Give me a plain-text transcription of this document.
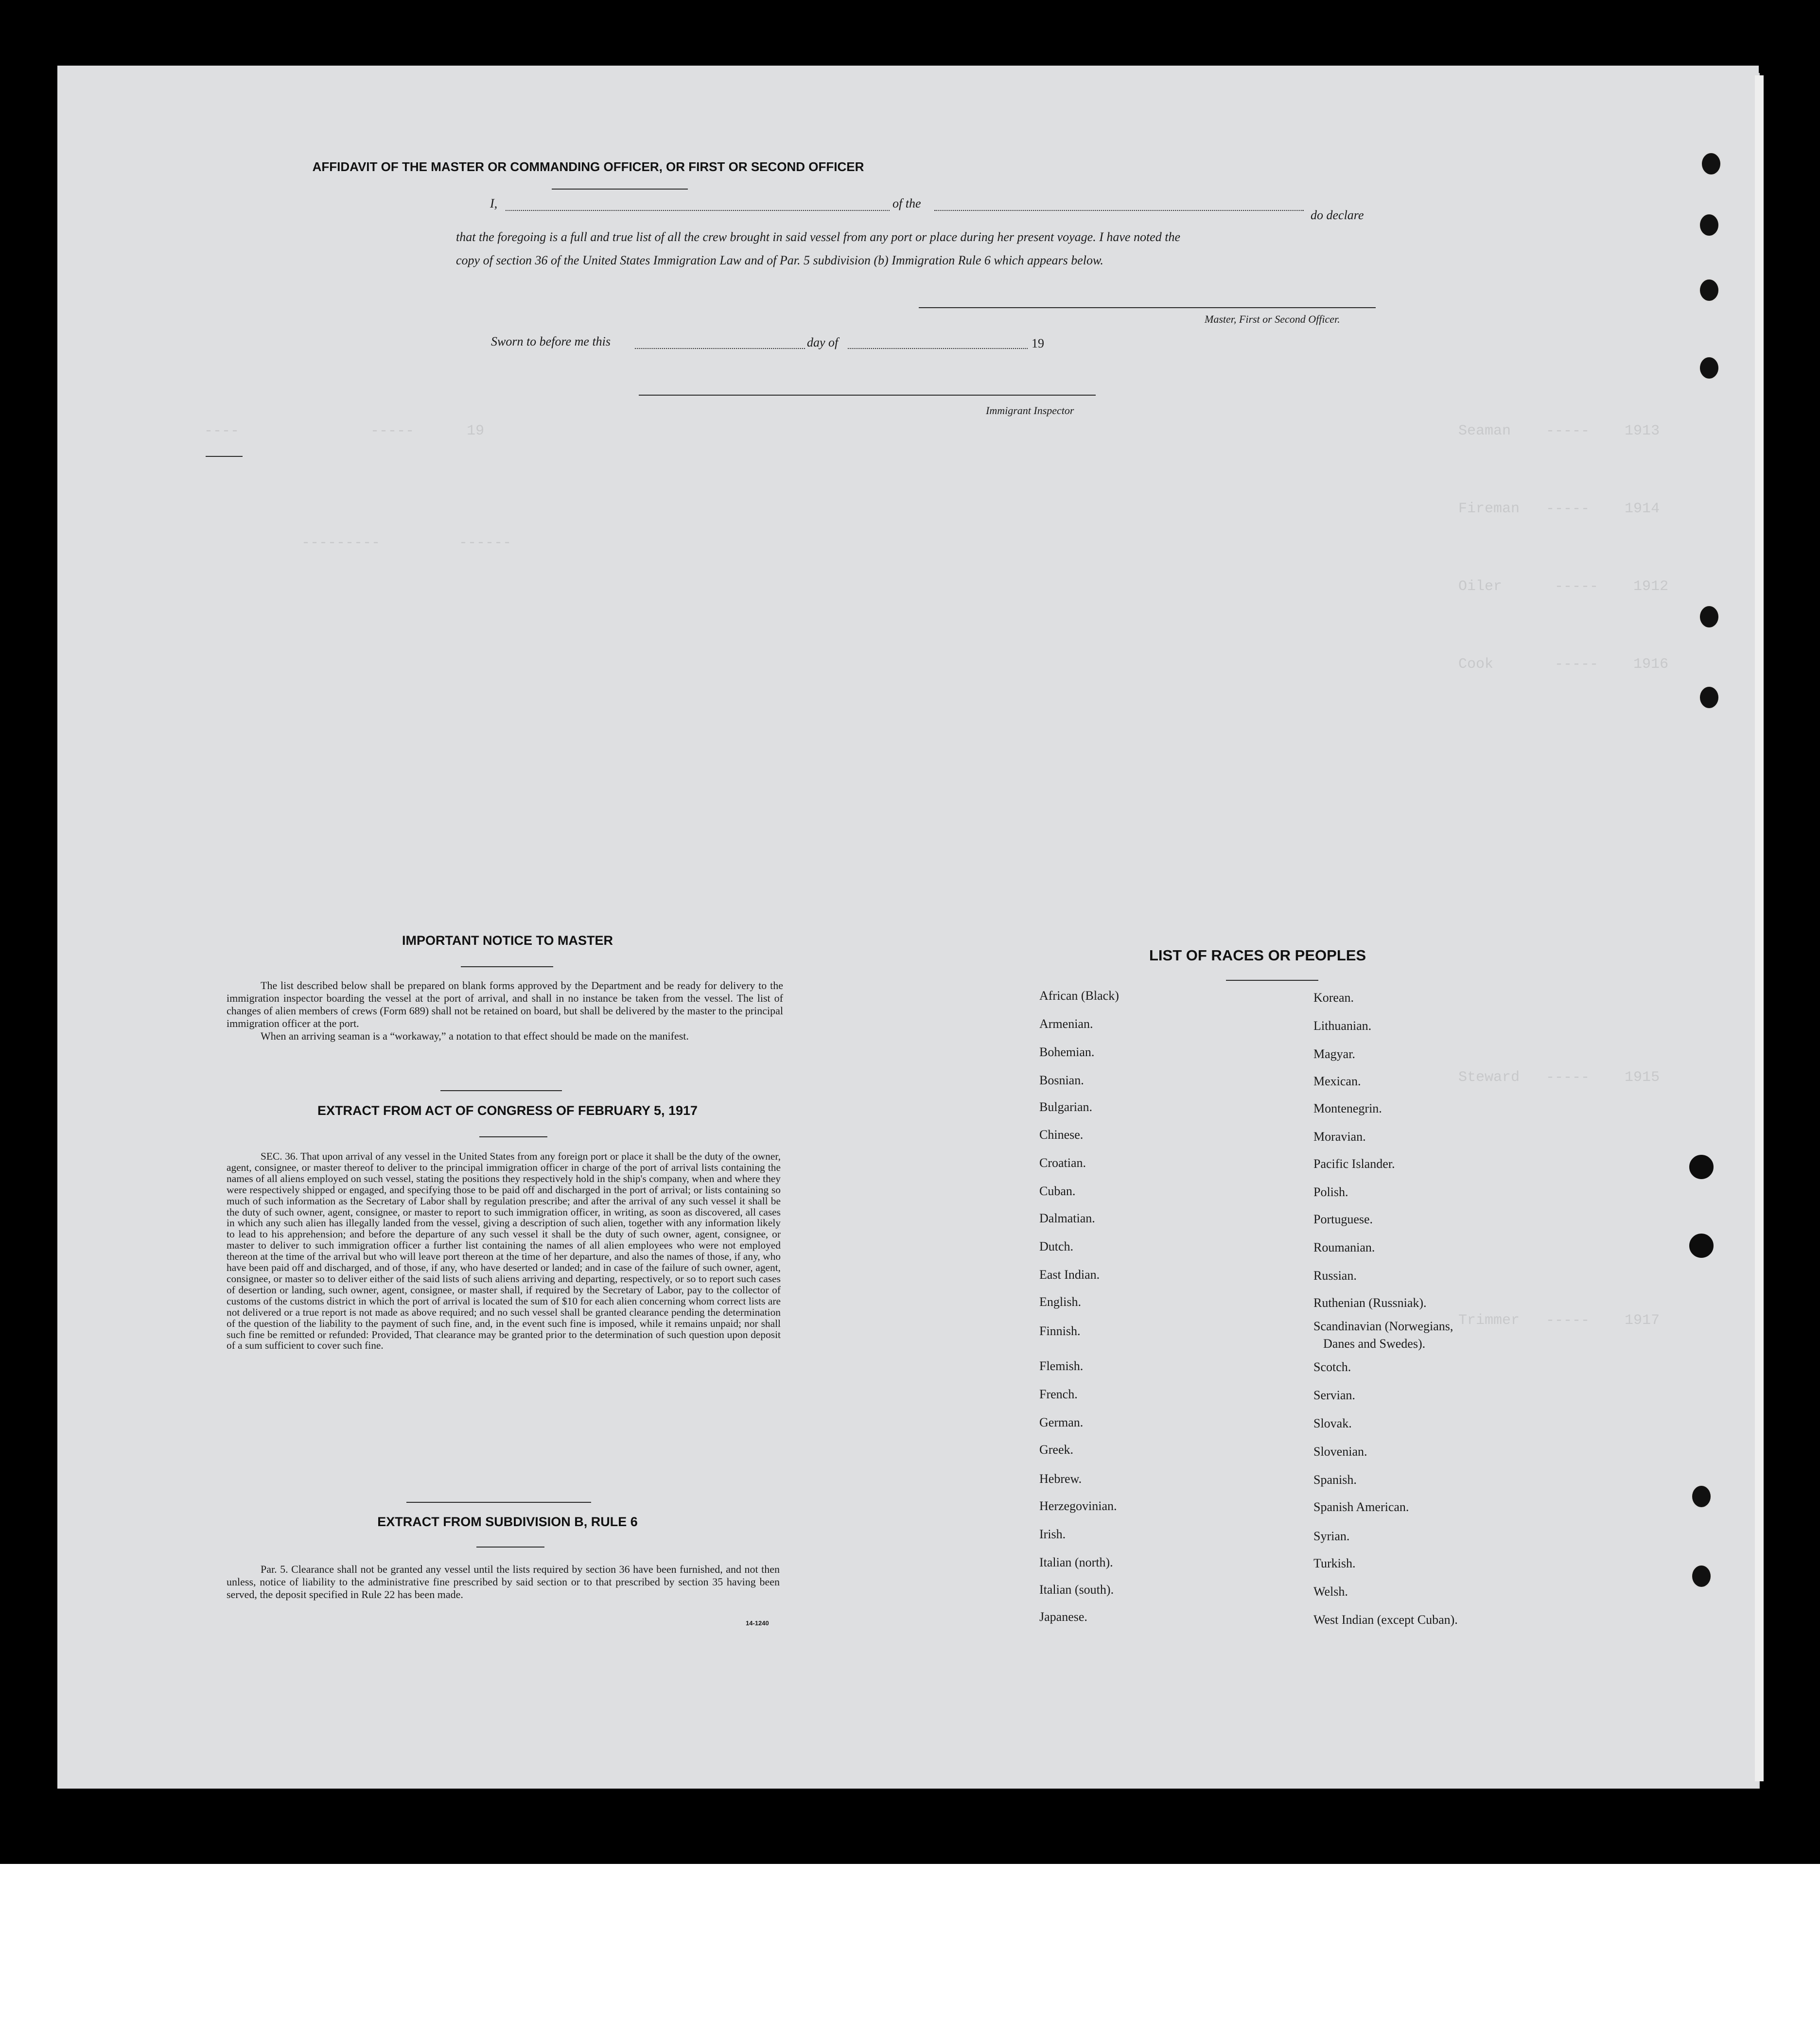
Seaman    -----    1913
Fireman   -----    1914
Oiler      -----    1912
Cook       -----    1916
Steward   -----    1915
Trimmer   -----    1917
----               -----      19
---------         ------
AFFIDAVIT OF THE MASTER OR COMMANDING OFFICER, OR FIRST OR SECOND OFFICER
I,	of the
do declare
that the foregoing is a full and true list of all the crew brought in said vessel from any port or place during her present voyage. I have noted the
copy of section 36 of the United States Immigration Law and of Par. 5 subdivision (b) Immigration Rule 6 which appears below.
Master, First or Second Officer.
Sworn to before me this	day of	19
Immigrant Inspector
IMPORTANT NOTICE TO MASTER

The list described below shall be prepared on blank forms approved by the Department and be ready for delivery to the immigration inspector boarding the vessel at the port of arrival, and shall in no instance be taken from the vessel. The list of changes of alien members of crews (Form 689) shall not be retained on board, but shall be delivered by the master to the principal immigration officer at the port.

When an arriving seaman is a “workaway,” a notation to that effect should be made on the manifest.

EXTRACT FROM ACT OF CONGRESS OF FEBRUARY 5, 1917

SEC. 36. That upon arrival of any vessel in the United States from any foreign port or place it shall be the duty of the owner, agent, consignee, or master thereof to deliver to the principal immigration officer in charge of the port of arrival lists containing the names of all aliens employed on such vessel, stating the positions they respectively hold in the ship's company, when and where they were respectively shipped or engaged, and specifying those to be paid off and discharged in the port of arrival; or lists containing so much of such information as the Secretary of Labor shall by regulation prescribe; and after the arrival of any such vessel it shall be the duty of such owner, agent, consignee, or master to report to such immigration officer, in writing, as soon as discovered, all cases in which any such alien has illegally landed from the vessel, giving a description of such alien, together with any information likely to lead to his apprehension; and before the departure of any such vessel it shall be the duty of such owner, agent, consignee, or master to deliver to such immigration officer a further list containing the names of all alien employees who were not employed thereon at the time of the arrival but who will leave port thereon at the time of her departure, and also the names of those, if any, who have been paid off and discharged, and of those, if any, who have deserted or landed; and in case of the failure of such owner, agent, consignee, or master so to deliver either of the said lists of such aliens arriving and departing, respectively, or so to report such cases of desertion or landing, such owner, agent, consignee, or master shall, if required by the Secretary of Labor, pay to the collector of customs of the customs district in which the port of arrival is located the sum of $10 for each alien concerning whom correct lists are not delivered or a true report is not made as above required; and no such vessel shall be granted clearance pending the determination of the question of the liability to the payment of such fine, and, in the event such fine is imposed, while it remains unpaid; nor shall such fine be remitted or refunded: Provided, That clearance may be granted prior to the determination of such question upon deposit of a sum sufficient to cover such fine.

EXTRACT FROM SUBDIVISION B, RULE 6

Par. 5. Clearance shall not be granted any vessel until the lists required by section 36 have been furnished, and not then unless, notice of liability to the administrative fine prescribed by said section or to that prescribed by section 35 having been served, the deposit specified in Rule 22 has been made.

14-1240
LIST OF RACES OR PEOPLES
African (Black)
Armenian.
Bohemian.
Bosnian.
Bulgarian.
Chinese.
Croatian.
Cuban.
Dalmatian.
Dutch.
East Indian.
English.
Finnish.
Flemish.
French.
German.
Greek.
Hebrew.
Herzegovinian.
Irish.
Italian (north).
Italian (south).
Japanese.
Korean.
Lithuanian.
Magyar.
Mexican.
Montenegrin.
Moravian.
Pacific Islander.
Polish.
Portuguese.
Roumanian.
Russian.
Ruthenian (Russniak).
Scandinavian (Norwegians,
Scotch.
Servian.
Slovak.
Slovenian.
Spanish.
Spanish American.
Syrian.
Turkish.
Welsh.
West Indian (except Cuban).
Danes and Swedes).
